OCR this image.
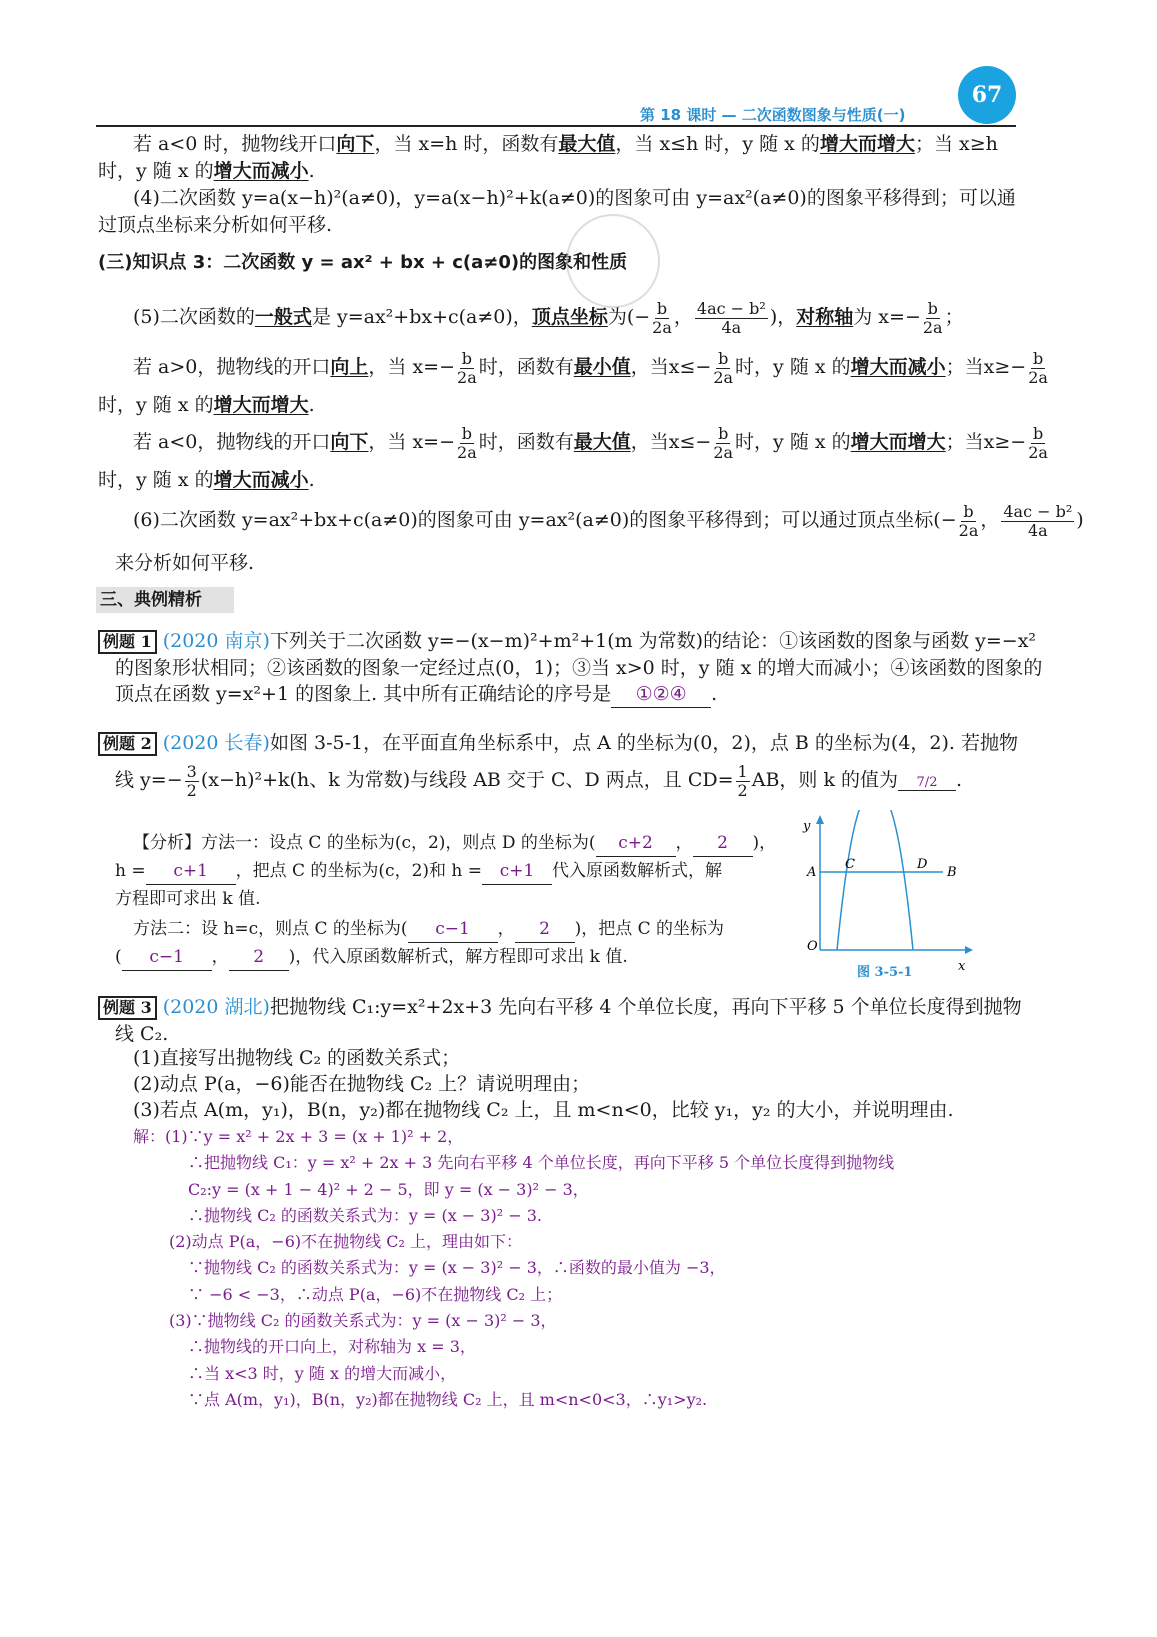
67
第 18 课时 — 二次函数图象与性质(一)
若 a<0 时，抛物线开口向下，当 x=h 时，函数有最大值，当 x≤h 时，y 随 x 的增大而增大；当 x≥h
时，y 随 x 的增大而减小.
(4)二次函数 y=a(x−h)²(a≠0)，y=a(x−h)²+k(a≠0)的图象可由 y=ax²(a≠0)的图象平移得到；可以通
过顶点坐标来分析如何平移.
(三)知识点 3：二次函数 y = ax² + bx + c(a≠0)的图象和性质
(5)二次函数的一般式是 y=ax²+bx+c(a≠0)，顶点坐标为(− $\frac{b}{2a}$ ， $\frac{\text{4ac − b²}}{4a}$ )，对称轴为 $x=- \frac{b}{2a}$ ；
若 a>0，抛物线的开口向上，当 $x=- \frac{b}{2a}$ 时，函数有最小值，当$x\le- \frac{b}{2a}$ 时，y 随 x 的增大而减小；当$x\ge- \frac{b}{2a}$
时，y 随 x 的增大而增大.
若 a<0，抛物线的开口向下，当 $x=- \frac{b}{2a}$ 时，函数有最大值，当$x\le- \frac{b}{2a}$ 时，y 随 x 的增大而增大；当$x\ge- \frac{b}{2a}$
时，y 随 x 的增大而减小.
(6)二次函数 y=ax²+bx+c(a≠0)的图象可由 y=ax²(a≠0)的图象平移得到；可以通过顶点坐标(− $\frac{b}{2a}$ ， $\frac{\text{4ac − b²}}{4a}$ )
来分析如何平移.
三、典例精析
例题 1 (2020 南京)下列关于二次函数 y=−(x−m)²+m²+1(m 为常数)的结论：①该函数的图象与函数 y=−x²
的图象形状相同；②该函数的图象一定经过点(0，1)；③当 x>0 时，y 随 x 的增大而减小；④该函数的图象的
顶点在函数 y=x²+1 的图象上. 其中所有正确结论的序号是 ①②④ .
例题 2 (2020 长春)如图 3-5-1，在平面直角坐标系中，点 A 的坐标为(0，2)，点 B 的坐标为(4，2). 若抛物
线 $y=- \frac{3}{2} (x-h)^2+k(h$、k 为常数)与线段 AB 交于 C、D 两点，且 $CD= \frac{1}{2}$ AB，则 k 的值为 7/2 .
【分析】方法一：设点 C 的坐标为(c，2)，则点 D 的坐标为( c+2 ， 2 )，
h = c+1 ，把点 C 的坐标为(c，2)和 h = c+1 代入原函数解析式，解
方程即可求出 k 值.
方法二：设 h=c，则点 C 的坐标为( c−1 ， 2 )，把点 C 的坐标为
( c−1 ， 2 )，代入原函数解析式，解方程即可求出 k 值.
y
x
O
A	B
C	D
图 3-5-1
例题 3 (2020 湖北)把抛物线 C₁:y=x²+2x+3 先向右平移 4 个单位长度，再向下平移 5 个单位长度得到抛物
线 C₂.
(1)直接写出抛物线 C₂ 的函数关系式；
(2)动点 P(a，−6)能否在抛物线 C₂ 上？请说明理由；
(3)若点 A(m，y₁)，B(n，y₂)都在抛物线 C₂ 上，且 m<n<0，比较 y₁，y₂ 的大小，并说明理由.
解：(1)∵y = x² + 2x + 3 = (x + 1)² + 2，
∴把抛物线 C₁：y = x² + 2x + 3 先向右平移 4 个单位长度，再向下平移 5 个单位长度得到抛物线
C₂:y = (x + 1 − 4)² + 2 − 5，即 y = (x − 3)² − 3，
∴抛物线 C₂ 的函数关系式为：y = (x − 3)² − 3.
(2)动点 P(a，−6)不在抛物线 C₂ 上，理由如下：
∵抛物线 C₂ 的函数关系式为：y = (x − 3)² − 3，∴函数的最小值为 −3，
∵ −6 < −3，∴动点 P(a，−6)不在抛物线 C₂ 上；
(3)∵抛物线 C₂ 的函数关系式为：y = (x − 3)² − 3，
∴抛物线的开口向上，对称轴为 x = 3，
∴当 x<3 时，y 随 x 的增大而减小，
∵点 A(m，y₁)，B(n，y₂)都在抛物线 C₂ 上，且 m<n<0<3，∴y₁>y₂.
